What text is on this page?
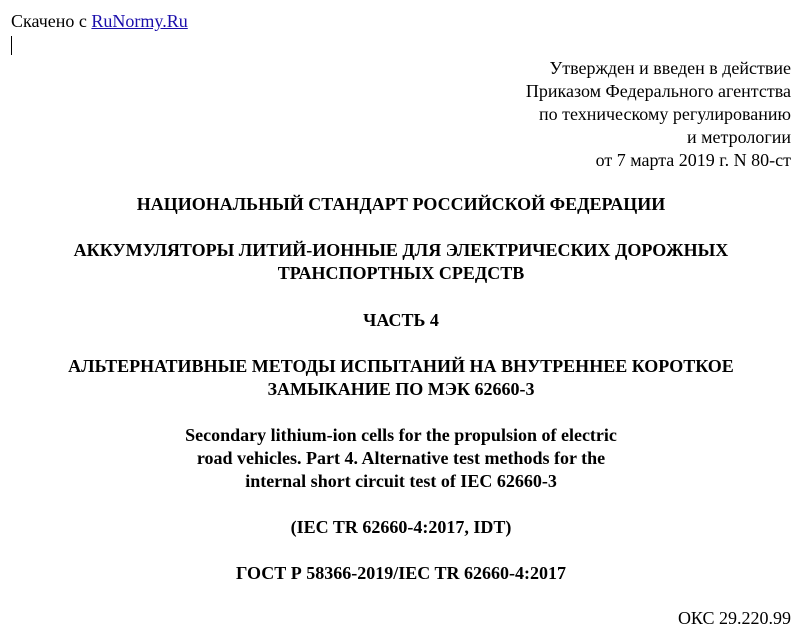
Скачено с RuNormy.Ru
Утвержден и введен в действие
Приказом Федерального агентства
по техническому регулированию
и метрологии
от 7 марта 2019 г. N 80-ст
НАЦИОНАЛЬНЫЙ СТАНДАРТ РОССИЙСКОЙ ФЕДЕРАЦИИ
АККУМУЛЯТОРЫ ЛИТИЙ-ИОННЫЕ ДЛЯ ЭЛЕКТРИЧЕСКИХ ДОРОЖНЫХ
ТРАНСПОРТНЫХ СРЕДСТВ
ЧАСТЬ 4
АЛЬТЕРНАТИВНЫЕ МЕТОДЫ ИСПЫТАНИЙ НА ВНУТРЕННЕЕ КОРОТКОЕ
ЗАМЫКАНИЕ ПО МЭК 62660-3
Secondary lithium-ion cells for the propulsion of electric
road vehicles. Part 4. Alternative test methods for the
internal short circuit test of IEC 62660-3
(IEC TR 62660-4:2017, IDT)
ГОСТ Р 58366-2019/IEC TR 62660-4:2017
ОКС 29.220.99
